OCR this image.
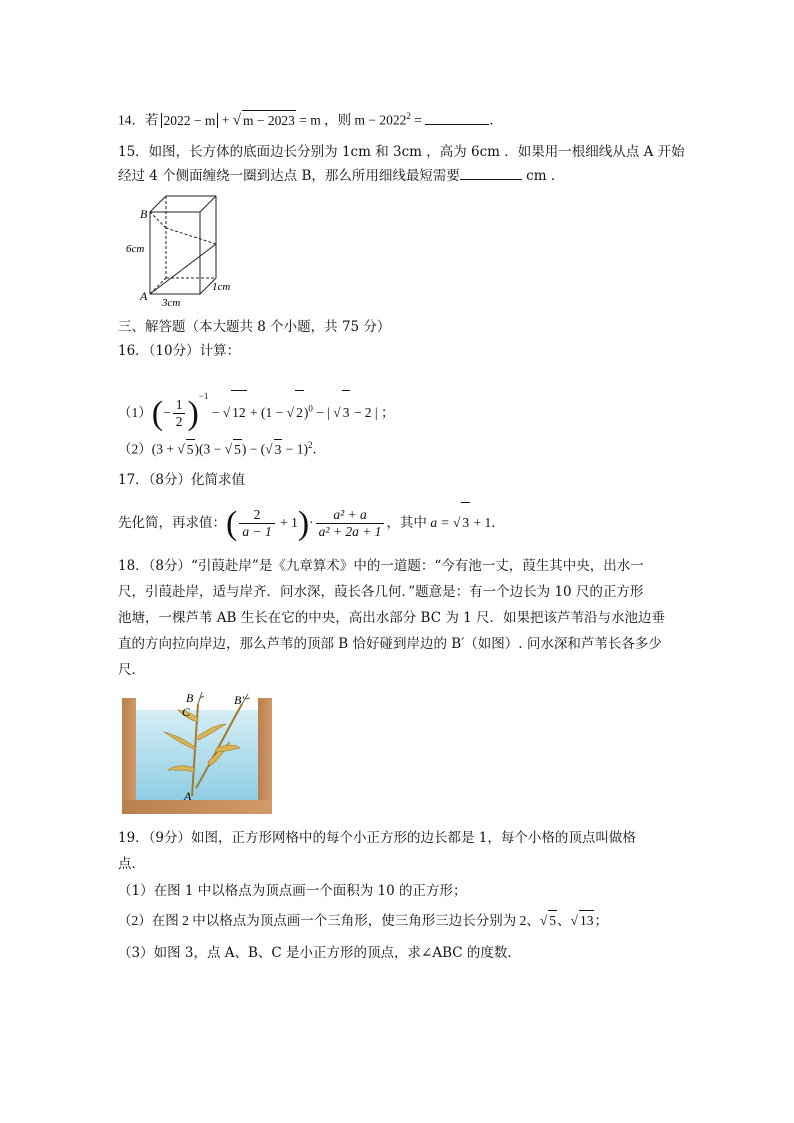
14．若 2022 − m + √ m − 2023 = m ，则 $m - 2022^2$ =	．
15．如图，长方体的底面边长分别为 1cm 和 3cm ，高为 6cm ．如果用一根细线从点 A 开始
经过 4 个侧面缠绕一圈到达点 B，那么所用细线最短需要	cm ．
B
A
6cm
3cm
1cm
三、解答题（本大题共 8 个小题，共 75 分）
16．（10分）计算：
$(1)(- \frac{1}{2} )^{-1}$ − √ 12 + (1 − √ 2)$^0$ − | √ 3 − 2 | ；
（2）(3 + √ 5)(3 − √ 5) − (√ 3 − 1)$^2$．
17．（8分）化简求值
先化简，再求值：( $\frac{2}{a - 1} + 1)\cdot \frac{\text{a² + a}}{\text{a² + 2a + 1}}$ ，其中 a = √ 3 + 1．
18．（8分）“引葭赴岸”是《九章算术》中的一道题：“今有池一丈，葭生其中央，出水一
尺，引葭赴岸，适与岸齐．问水深，葭长各几何．”题意是：有一个边长为 10 尺的正方形
池塘，一棵芦苇 AB 生长在它的中央，高出水部分 BC 为 1 尺．如果把该芦苇沿与水池边垂
直的方向拉向岸边，那么芦苇的顶部 B 恰好碰到岸边的 B′（如图）. 问水深和芦苇长各多少
尺．
B
C
B′
A
19．（9分）如图，正方形网格中的每个小正方形的边长都是 1，每个小格的顶点叫做格
点．
（1）在图 1 中以格点为顶点画一个面积为 10 的正方形；
（2）在图 2 中以格点为顶点画一个三角形，使三角形三边长分别为 2、√ 5、√ 13；
（3）如图 3，点 A、B、C 是小正方形的顶点，求∠ABC 的度数．
